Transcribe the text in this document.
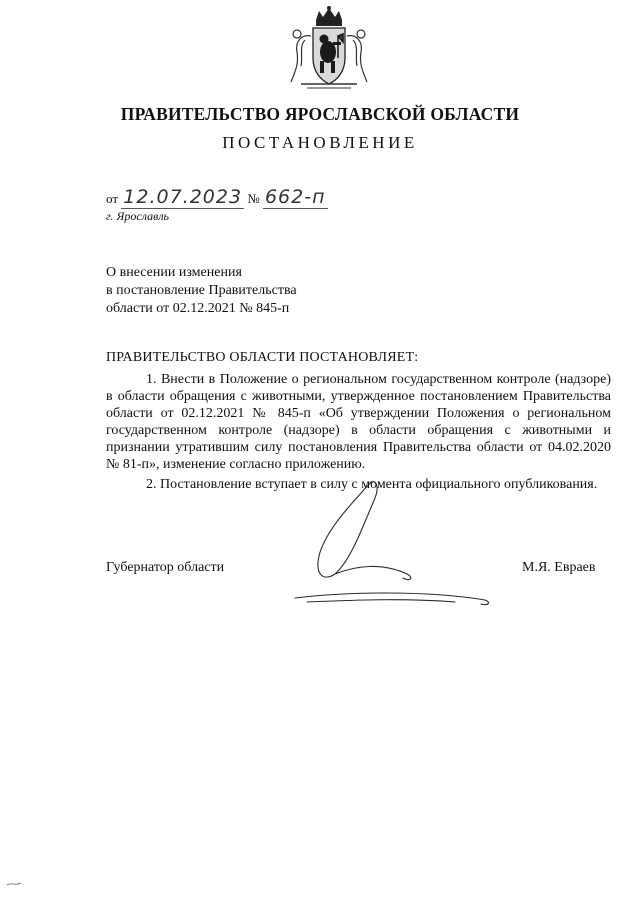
ПРАВИТЕЛЬСТВО ЯРОСЛАВСКОЙ ОБЛАСТИ
ПОСТАНОВЛЕНИЕ
от 12.07.2023 № 662-п
г. Ярославль
О внесении изменения
в постановление Правительства
области от 02.12.2021 № 845-п
ПРАВИТЕЛЬСТВО ОБЛАСТИ ПОСТАНОВЛЯЕТ:
1. Внести в Положение о региональном государственном контроле (надзоре) в области обращения с животными, утвержденное постановлением Правительства области от 02.12.2021 № 845-п «Об утверждении Положения о региональном государственном контроле (надзоре) в области обращения с животными и признании утратившим силу постановления Правительства области от 04.02.2020 № 81-п», изменение согласно приложению.
2. Постановление вступает в силу с момента официального опубликования.
Губернатор области	М.Я. Евраев
